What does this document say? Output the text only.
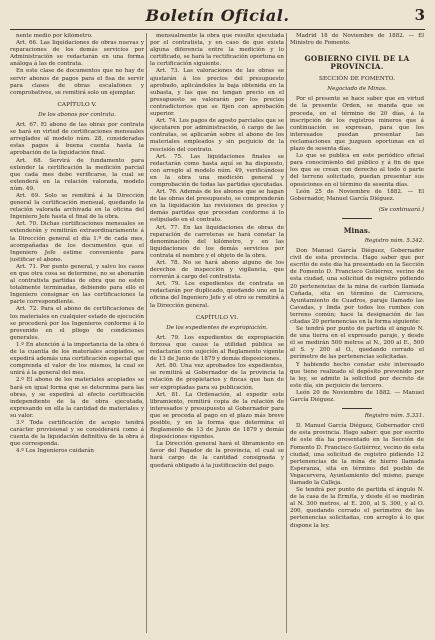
Boletín Oficial.	3

nente medio por kilómetro.

Art. 66. Las liquidaciones de obras nuevas y reparaciones de los demás servicios por Administración se redactarán en una forma análoga á las de contrata.

En este clase de documentos que no hay de servir abonos de pagos para el fisa de servir para clases de obras escalafones y comprobativos, se remitirá solo un ejemplar.

CAPÍTULO V.

De los abonos por contrata.

Art. 67. El abono de las obras por contrata se hará en virtud de certificaciones mensuales arreglados al modelo núm. 28, consideradas estas pagos á buena cuenta hasta la aprobación de la liquidación final.

Art. 68. Servirá de fundamento para extender la certificación la medición parcial que cada mes debe verificarse, la cual se extenderá en la relación valorada, modelo núm. 49.

Art. 69. Solo se remitirá á la Dirección general la certificación mensual, quedando la relación valorada archivada en la oficina del Ingeniero Jefe hasta el final de la obra.

Art. 70. Dichas certificaciones mensuales se extenderán y remitirán extraordinariamente á la Dirección general el día 1.º de cada mes, acompañadas de los documentos que el Ingeniero Jefe estime conveniente para justificar el abono.

Art. 71. Por punto general, y salvo los casos en que otra cosa se determine, no se abonarán al contratista partidas de obra que no estén totalmente terminadas, debiendo para ello el Ingeniero consignar en las certificaciones la parte correspondiente.

Art. 72. Para el abono de certificaciones de los materiales en cualquier estado de ejecución se procederá por los Ingenieros conforme á lo prevenido en el pliego de condiciones generales.

1.º En atención á la importancia de la obra ó de la cuantía de los materiales acopiados, se expedirá además una certificación especial que comprenda el valor de los mismos, la cual se unirá á la general del mes.

2.º El abono de los materiales acopiados se hará en igual forma que se determina para las obras, y se expedirá al efecto certificación independiente de la de obra ejecutada, expresando en ella la cantidad de materiales y su valor.

3.º Toda certificación de acopio tendrá carácter provisional y se considerará como á cuenta de la liquidación definitiva de la obra á que corresponda.

4.º Los Ingenieros cuidarán

mensualmente la obra que resulte ejecutada por el contratista, y en caso de que exista alguna diferencia entre la medición y lo certificado, se hará la rectificación oportuna en la certificación siguiente.

Art. 73. Las valoraciones de las obras se ajustarán á los precios del presupuesto aprobado, aplicándoles la baja obtenida en la subasta, y las que no tengan precio en el presupuesto se valorarán por los precios contradictorios que se fijen con aprobación superior.

Art. 74. Los pagos de agosto parciales que se ejecutaren por administración, ó cargo de las contratas, se aplicarán sobre el abono de los materiales empleados y sin perjuicio de la rescisión del contrato.

Art. 75. Las liquidaciones finales se redactarán como hasta aquí se ha dispuesto, con arreglo al modelo núm. 49, verificándose en la obra una medición general y comprobación de todas las partidas ejecutadas.

Art. 76. Además de los abonos que se hagan de las obras del presupuesto, se comprenderán en la liquidación las revisiones de precios y demás partidas que procedan conforme á lo estipulado en el contrato.

Art. 77. En las liquidaciones de obras de reparación de carreteras se hará constar la denominación del kilómetro, y en las liquidaciones de los demás servicios por contrata el nombre y el objeto de la obra.

Art. 78. No se hará abono alguno de los derechos de inspección y vigilancia, que correrán á cargo del contratista.

Art. 79. Los expedientes de contrata se redactarán por duplicado, quedando uno en la oficina del Ingeniero Jefe y el otro se remitirá á la Dirección general.

CAPÍTULO VI.

De los expedientes de expropiación.

Art. 79. Los expedientes de expropiación forzosa que cause la utilidad pública se redactarán con sujeción al Reglamento vigente de 13 de Junio de 1879 y demás disposiciones.

Art. 80. Una vez aprobados los expedientes, se remitirá al Gobernador de la provincia la relación de propietarios y fincas que han de ser expropiadas para su publicación.

Art. 81. La Ordenación, al expedir este libramiento, remitirá copia de la relación de interesados y presupuesto al Gobernador para que se proceda al pago en el plazo más breve posible, y en la forma que determina el Reglamento de 13 de Junio de 1879 y demás disposiciones vigentes.

La Dirección general hará el libramiento en favor del Pagador de la provincia, el cual se hará cargo de la cantidad consignada y quedará obligado á la justificación del pago.

Madrid 18 de Noviembre de 1882. — El Ministro de Fomento.

GOBIERNO CIVIL DE LA PROVINCIA.

SECCIÓN DE FOMENTO.

Negociado de Minas.

Por el presente se hace saber que en virtud de la presente Orden, se manda que se proceda, en el término de 20 días, á la inscripción de los registros mineros que á continuación se expresan, para que los interesados puedan presentar las reclamaciones que juzguen oportunas en el plazo de sesenta días.

Lo que se publica en este periódico oficial para conocimiento del público y á fin de que los que se crean con derecho al todo ó parte del terreno solicitado, puedan presentar sus oposiciones en el término de sesenta días.

León 25 de Noviembre de 1882. — El Gobernador, Manuel García Diéguez.

(Se continuará.)

Minas.

Registro núm. 5.342.

Don Manuel García Diéguez, Gobernador civil de esta provincia. Hago saber que por escrito de este día ha presentado en la Sección de Fomento D. Francisco Gutiérrez, vecino de esta ciudad, una solicitud de registro pidiendo 20 pertenencias de la mina de carbón llamada Cuñada, sita en término de Carrocera, Ayuntamiento de Cuadros, paraje llamado las Cavadas, y linda por todos los rumbos con terreno común; hace la designación de las citadas 20 pertenencias en la forma siguiente:

Se tendrá por punto de partida el ángulo N. de una tierra en el expresado paraje, y desde él se medirán 500 metros al N., 200 al E., 500 al S. y 200 al O., quedando cerrado el perímetro de las pertenencias solicitadas.

Y habiendo hecho constar este interesado que tiene realizado el depósito prevenido por la ley, se admite la solicitud por decreto de este día, sin perjuicio de tercero.

León 20 de Noviembre de 1882. — Manuel García Diéguez.

Registro núm. 5.331.

D. Manuel García Diéguez, Gobernador civil de esta provincia. Hago saber: que por escrito de este día ha presentado en la Sección de Fomento D. Francisco Gutiérrez, vecino de esta ciudad, una solicitud de registro pidiendo 12 pertenencias de la mina de hierro llamada Esperanza, sita en término del pueblo de Vegacervera, Ayuntamiento del mismo, paraje llamado la Calleja.

Se tendrá por punto de partida el ángulo N. de la casa de la Ermita, y desde él se medirán al N. 300 metros, al E. 200, al S. 300, y al O. 200, quedando cerrado el perímetro de las pertenencias solicitadas, con arreglo á lo que dispone la ley.
